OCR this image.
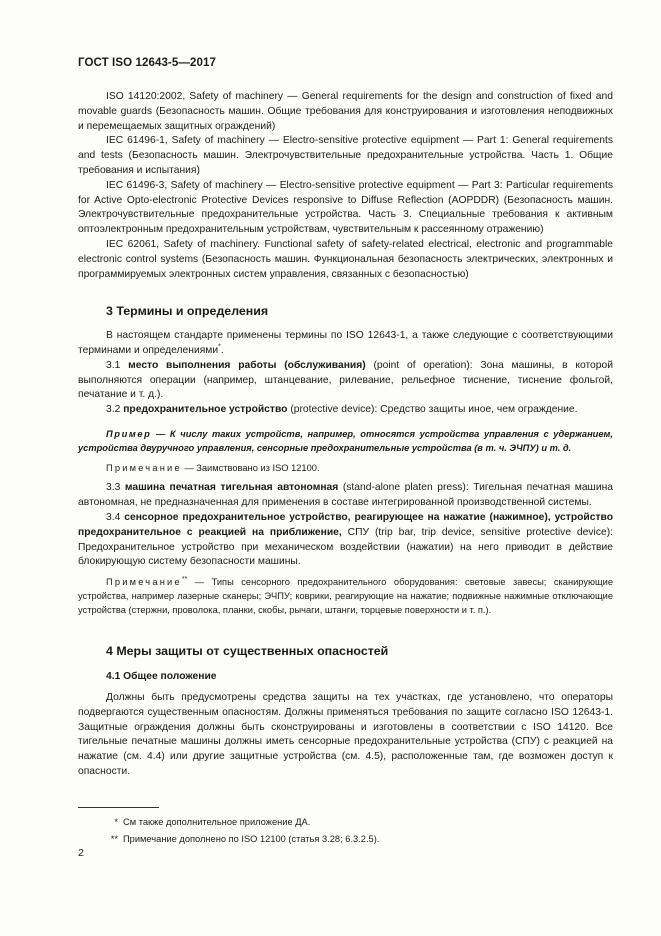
ГОСТ ISO 12643-5—2017

ISO 14120:2002, Safety of machinery — General requirements for the design and construction of fixed and movable guards (Безопасность машин. Общие требования для конструирования и изготовления неподвижных и перемещаемых защитных ограждений)

IEC 61496-1, Safety of machinery — Electro-sensitive protective equipment — Part 1: General requirements and tests (Безопасность машин. Электрочувствительные предохранительные устройства. Часть 1. Общие требования и испытания)

IEC 61496-3, Safety of machinery — Electro-sensitive protective equipment — Part 3: Particular requirements for Active Opto-electronic Protective Devices responsive to Diffuse Reflection (AOPDDR) (Безопасность машин. Электрочувствительные предохранительные устройства. Часть 3. Специальные требования к активным оптоэлектронным предохранительным устройствам, чувствительным к рассеянному отражению)

IEC 62061, Safety of machinery. Functional safety of safety-related electrical, electronic and programmable electronic control systems (Безопасность машин. Функциональная безопасность электрических, электронных и программируемых электронных систем управления, связанных с безопасностью)

3 Термины и определения

В настоящем стандарте применены термины по ISO 12643-1, а также следующие с соответствующими терминами и определениями*.

3.1 место выполнения работы (обслуживания) (point of operation): Зона машины, в которой выполняются операции (например, штанцевание, рилевание, рельефное тиснение, тиснение фольгой, печатание и т. д.).

3.2 предохранительное устройство (protective device): Средство защиты иное, чем ограждение.

Пример — К числу таких устройств, например, относятся устройства управления с удержанием, устройства двуручного управления, сенсорные предохранительные устройства (в т. ч. ЭЧПУ) и т. д.

Примечание — Заимствовано из ISO 12100.

3.3 машина печатная тигельная автономная (stand-alone platen press): Тигельная печатная машина автономная, не предназначенная для применения в составе интегрированной производственной системы.

3.4 сенсорное предохранительное устройство, реагирующее на нажатие (нажимное), устройство предохранительное с реакцией на приближение, СПУ (trip bar, trip device, sensitive protective device): Предохранительное устройство при механическом воздействии (нажатии) на него приводит в действие блокирующую систему безопасности машины.

Примечание** — Типы сенсорного предохранительного оборудования: световые завесы; сканирующие устройства, например лазерные сканеры; ЭЧПУ; коврики, реагирующие на нажатие; подвижные нажимные отключающие устройства (стержни, проволока, планки, скобы, рычаги, штанги, торцевые поверхности и т. п.).

4 Меры защиты от существенных опасностей

4.1 Общее положение

Должны быть предусмотрены средства защиты на тех участках, где установлено, что операторы подвергаются существенным опасностям. Должны применяться требования по защите согласно ISO 12643-1. Защитные ограждения должны быть сконструированы и изготовлены в соответствии с ISO 14120. Все тигельные печатные машины должны иметь сенсорные предохранительные устройства (СПУ) с реакцией на нажатие (см. 4.4) или другие защитные устройства (см. 4.5), расположенные там, где возможен доступ к опасности.

* См также дополнительное приложение ДА.
** Примечание дополнено по ISO 12100 (статья 3.28; 6.3.2.5).
2
